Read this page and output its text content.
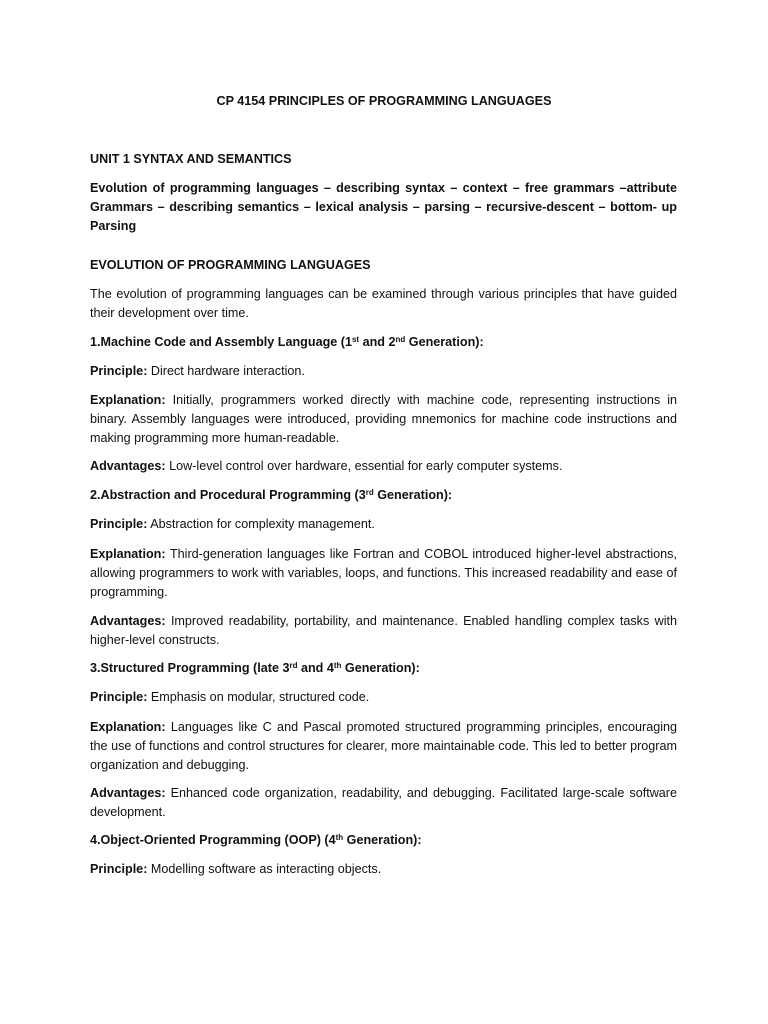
CP 4154 PRINCIPLES OF PROGRAMMING LANGUAGES

UNIT 1 SYNTAX AND SEMANTICS

Evolution of programming languages – describing syntax – context – free grammars –attribute Grammars – describing semantics – lexical analysis – parsing – recursive-descent – bottom- up Parsing

EVOLUTION OF PROGRAMMING LANGUAGES

The evolution of programming languages can be examined through various principles that have guided their development over time.

1.Machine Code and Assembly Language (1st and 2nd Generation):

Principle: Direct hardware interaction.

Explanation: Initially, programmers worked directly with machine code, representing instructions in binary. Assembly languages were introduced, providing mnemonics for machine code instructions and making programming more human-readable.

Advantages: Low-level control over hardware, essential for early computer systems.

2.Abstraction and Procedural Programming (3rd Generation):

Principle: Abstraction for complexity management.

Explanation: Third-generation languages like Fortran and COBOL introduced higher-level abstractions, allowing programmers to work with variables, loops, and functions. This increased readability and ease of programming.

Advantages: Improved readability, portability, and maintenance. Enabled handling complex tasks with higher-level constructs.

3.Structured Programming (late 3rd and 4th Generation):

Principle: Emphasis on modular, structured code.

Explanation: Languages like C and Pascal promoted structured programming principles, encouraging the use of functions and control structures for clearer, more maintainable code. This led to better program organization and debugging.

Advantages: Enhanced code organization, readability, and debugging. Facilitated large-scale software development.

4.Object-Oriented Programming (OOP) (4th Generation):

Principle: Modelling software as interacting objects.
